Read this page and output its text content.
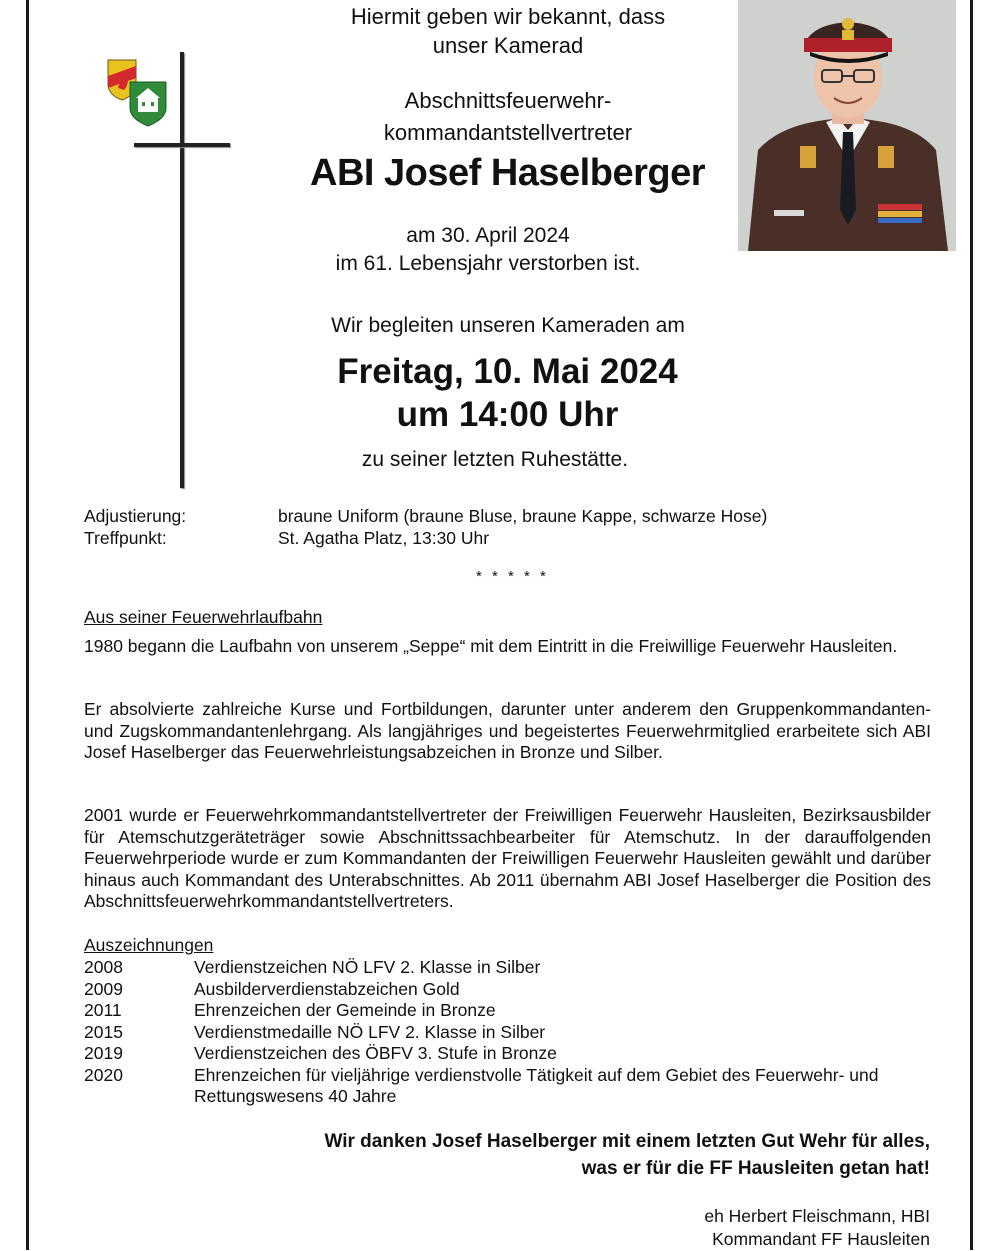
Hiermit geben wir bekannt, dass
unser Kamerad
Abschnittsfeuerwehr-
kommandantstellvertreter
ABI Josef Haselberger
am 30. April 2024
im 61. Lebensjahr verstorben ist.
Wir begleiten unseren Kameraden am
Freitag, 10. Mai 2024
um 14:00 Uhr
zu seiner letzten Ruhestätte.
Adjustierung:	braune Uniform (braune Bluse, braune Kappe, schwarze Hose)
Treffpunkt:	St. Agatha Platz, 13:30 Uhr
* * * * *
Aus seiner Feuerwehrlaufbahn

1980 begann die Laufbahn von unserem „Seppe“ mit dem Eintritt in die Freiwillige Feuerwehr Hausleiten.

Er absolvierte zahlreiche Kurse und Fortbildungen, darunter unter anderem den Gruppenkommandanten- und Zugskommandantenlehrgang. Als langjähriges und begeistertes Feuerwehrmitglied erarbeitete sich ABI Josef Haselberger das Feuerwehrleistungsabzeichen in Bronze und Silber.

2001 wurde er Feuerwehrkommandantstellvertreter der Freiwilligen Feuerwehr Hausleiten, Bezirksausbilder für Atemschutzgeräteträger sowie Abschnittssachbearbeiter für Atemschutz. In der darauffolgenden Feuerwehrperiode wurde er zum Kommandanten der Freiwilligen Feuerwehr Hausleiten gewählt und darüber hinaus auch Kommandant des Unterabschnittes. Ab 2011 übernahm ABI Josef Haselberger die Position des Abschnittsfeuerwehrkommandantstellvertreters.

Auszeichnungen
2008	Verdienstzeichen NÖ LFV 2. Klasse in Silber
2009	Ausbilderverdienstabzeichen Gold
2011	Ehrenzeichen der Gemeinde in Bronze
2015	Verdienstmedaille NÖ LFV 2. Klasse in Silber
2019	Verdienstzeichen des ÖBFV 3. Stufe in Bronze
2020	Ehrenzeichen für vieljährige verdienstvolle Tätigkeit auf dem Gebiet des Feuerwehr- und Rettungswesens 40 Jahre
Wir danken Josef Haselberger mit einem letzten Gut Wehr für alles,
was er für die FF Hausleiten getan hat!
eh Herbert Fleischmann, HBI
Kommandant FF Hausleiten
